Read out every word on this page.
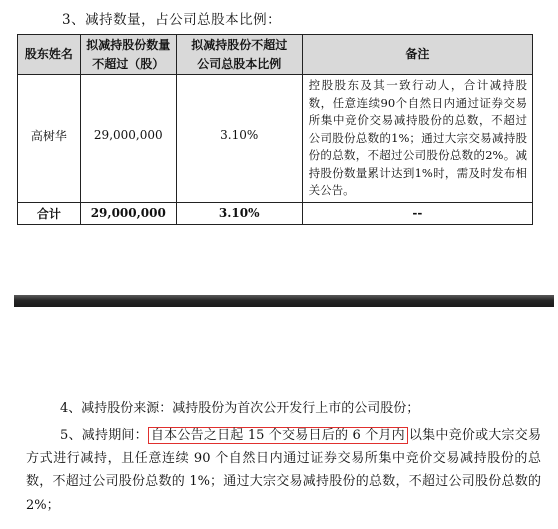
3、减持数量，占公司总股本比例：
股东姓名	拟减持股份数量不超过（股）	拟减持股份不超过公司总股本比例	备注
高树华	29,000,000	3.10%	控股股东及其一致行动人，合计减持股数，任意连续90个自然日内通过证券交易所集中竞价交易减持股份的总数，不超过公司股份总数的1%；通过大宗交易减持股份的总数，不超过公司股份总数的2%。减持股份数量累计达到1%时，需及时发布相关公告。
合计	29,000,000	3.10%	--
4、减持股份来源：减持股份为首次公开发行上市的公司股份；
5、减持期间： 自本公告之日起 15 个交易日后的 6 个月内 以集中竞价或大宗交易方式进行减持，且任意连续 90 个自然日内通过证券交易所集中竞价交易减持股份的总数，不超过公司股份总数的 1%；通过大宗交易减持股份的总数，不超过公司股份总数的 2%；
